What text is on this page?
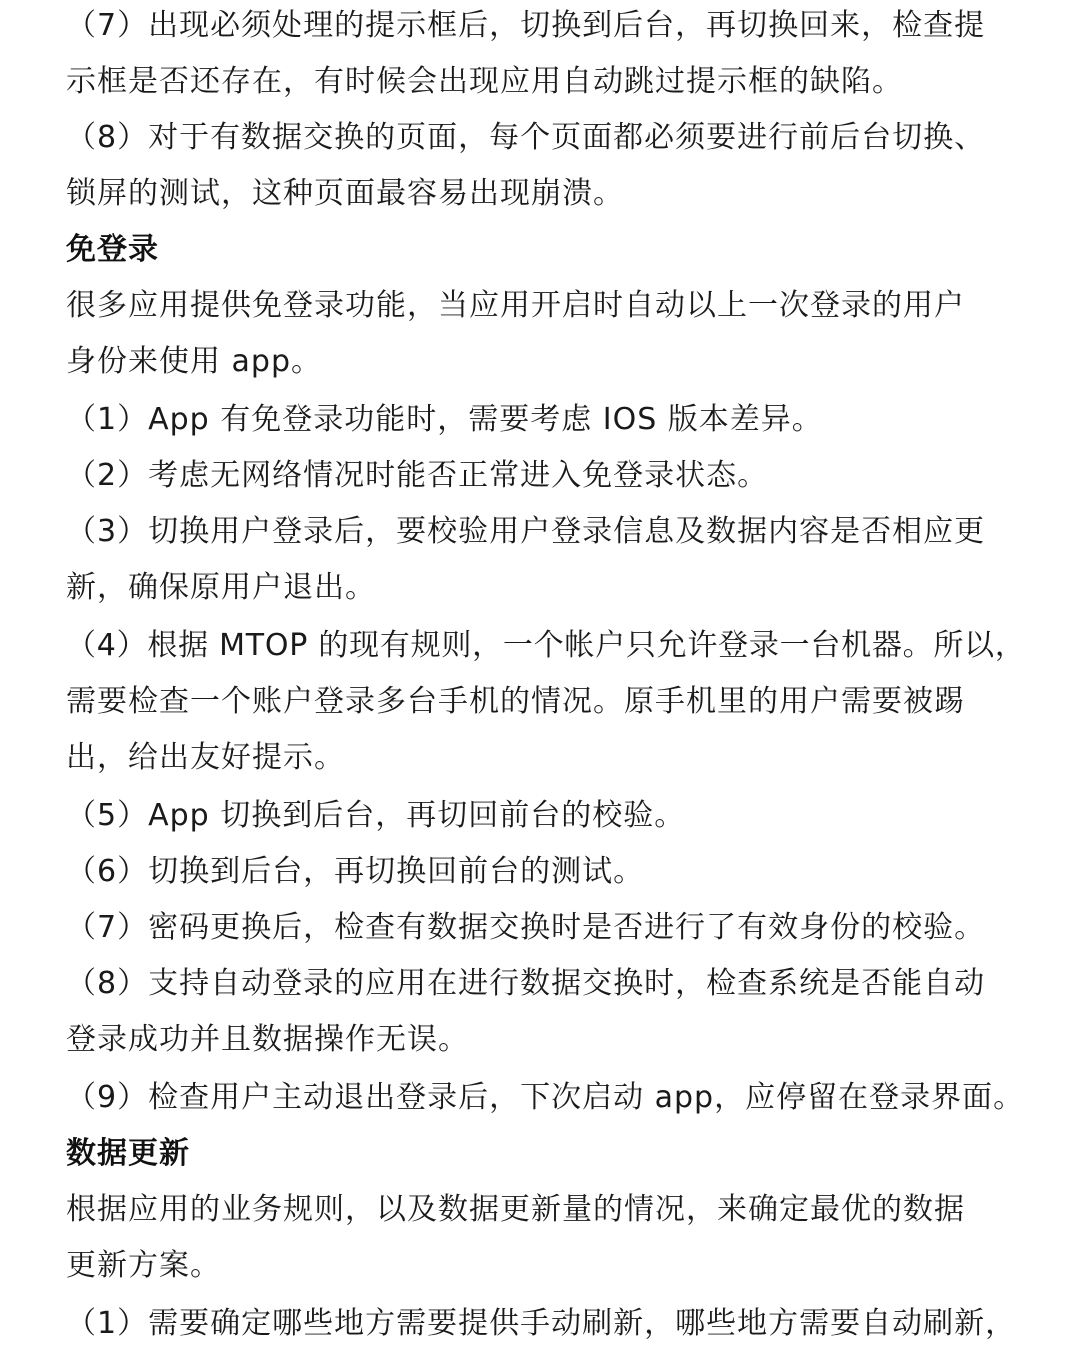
（7）出现必须处理的提示框后，切换到后台，再切换回来，检查提
示框是否还存在，有时候会出现应用自动跳过提示框的缺陷。
（8）对于有数据交换的页面，每个页面都必须要进行前后台切换、
锁屏的测试，这种页面最容易出现崩溃。
免登录
很多应用提供免登录功能，当应用开启时自动以上一次登录的用户
身份来使用 app。
（1）App 有免登录功能时，需要考虑 IOS 版本差异。
（2）考虑无网络情况时能否正常进入免登录状态。
（3）切换用户登录后，要校验用户登录信息及数据内容是否相应更
新，确保原用户退出。
（4）根据 MTOP 的现有规则，一个帐户只允许登录一台机器。所以，
需要检查一个账户登录多台手机的情况。原手机里的用户需要被踢
出，给出友好提示。
（5）App 切换到后台，再切回前台的校验。
（6）切换到后台，再切换回前台的测试。
（7）密码更换后，检查有数据交换时是否进行了有效身份的校验。
（8）支持自动登录的应用在进行数据交换时，检查系统是否能自动
登录成功并且数据操作无误。
（9）检查用户主动退出登录后，下次启动 app，应停留在登录界面。
数据更新
根据应用的业务规则，以及数据更新量的情况，来确定最优的数据
更新方案。
（1）需要确定哪些地方需要提供手动刷新，哪些地方需要自动刷新，
